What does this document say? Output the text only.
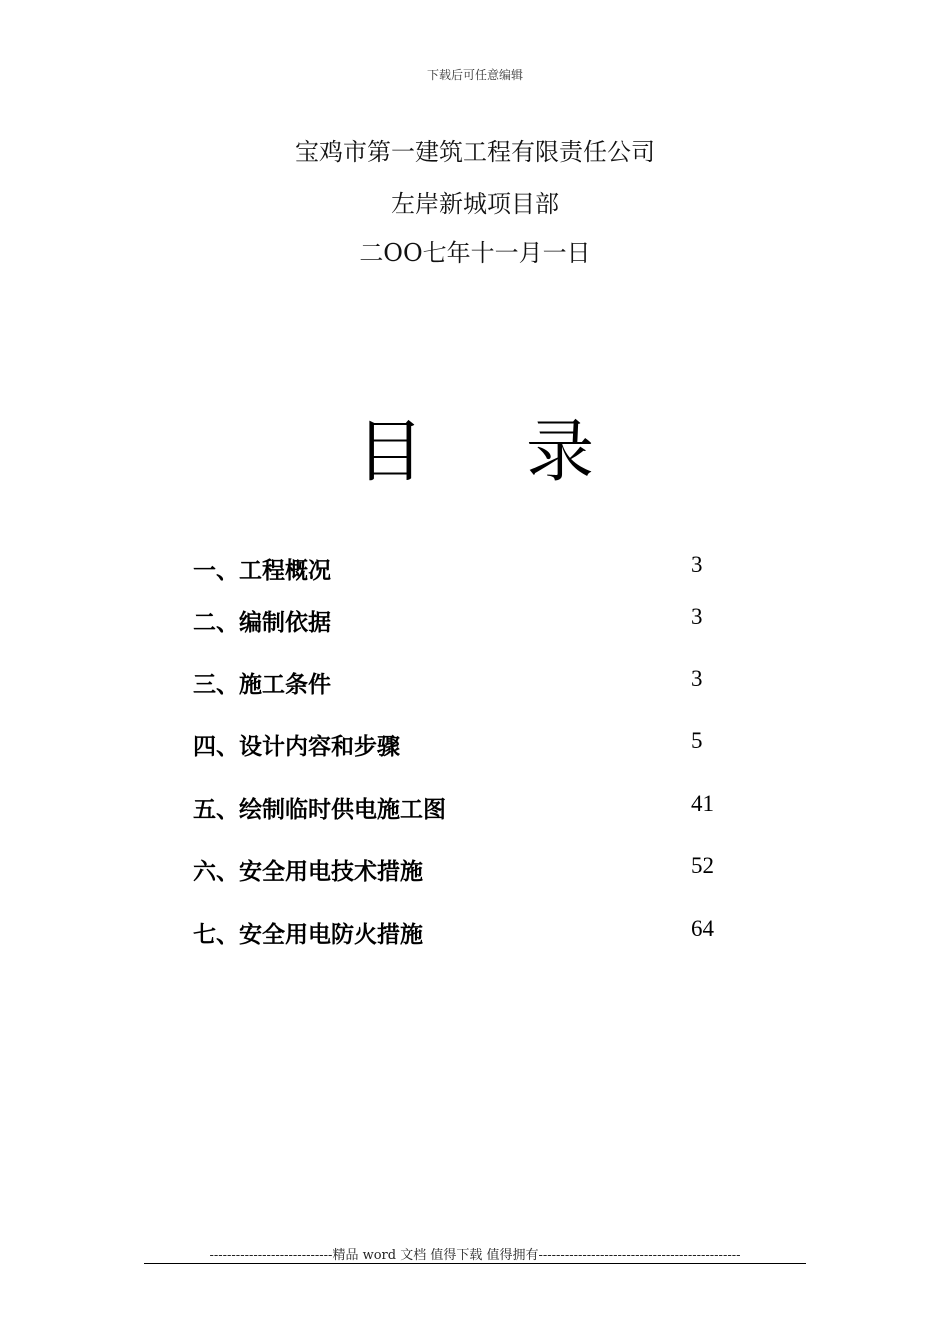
下载后可任意编辑
宝鸡市第一建筑工程有限责任公司
左岸新城项目部
二OO七年十一月一日
目 录
一、工程概况	3
二、编制依据	3
三、施工条件	3
四、设计内容和步骤	5
五、绘制临时供电施工图	41
六、安全用电技术措施	52
七、安全用电防火措施	64
----------------------------精品 word 文档 值得下载 值得拥有----------------------------------------------
